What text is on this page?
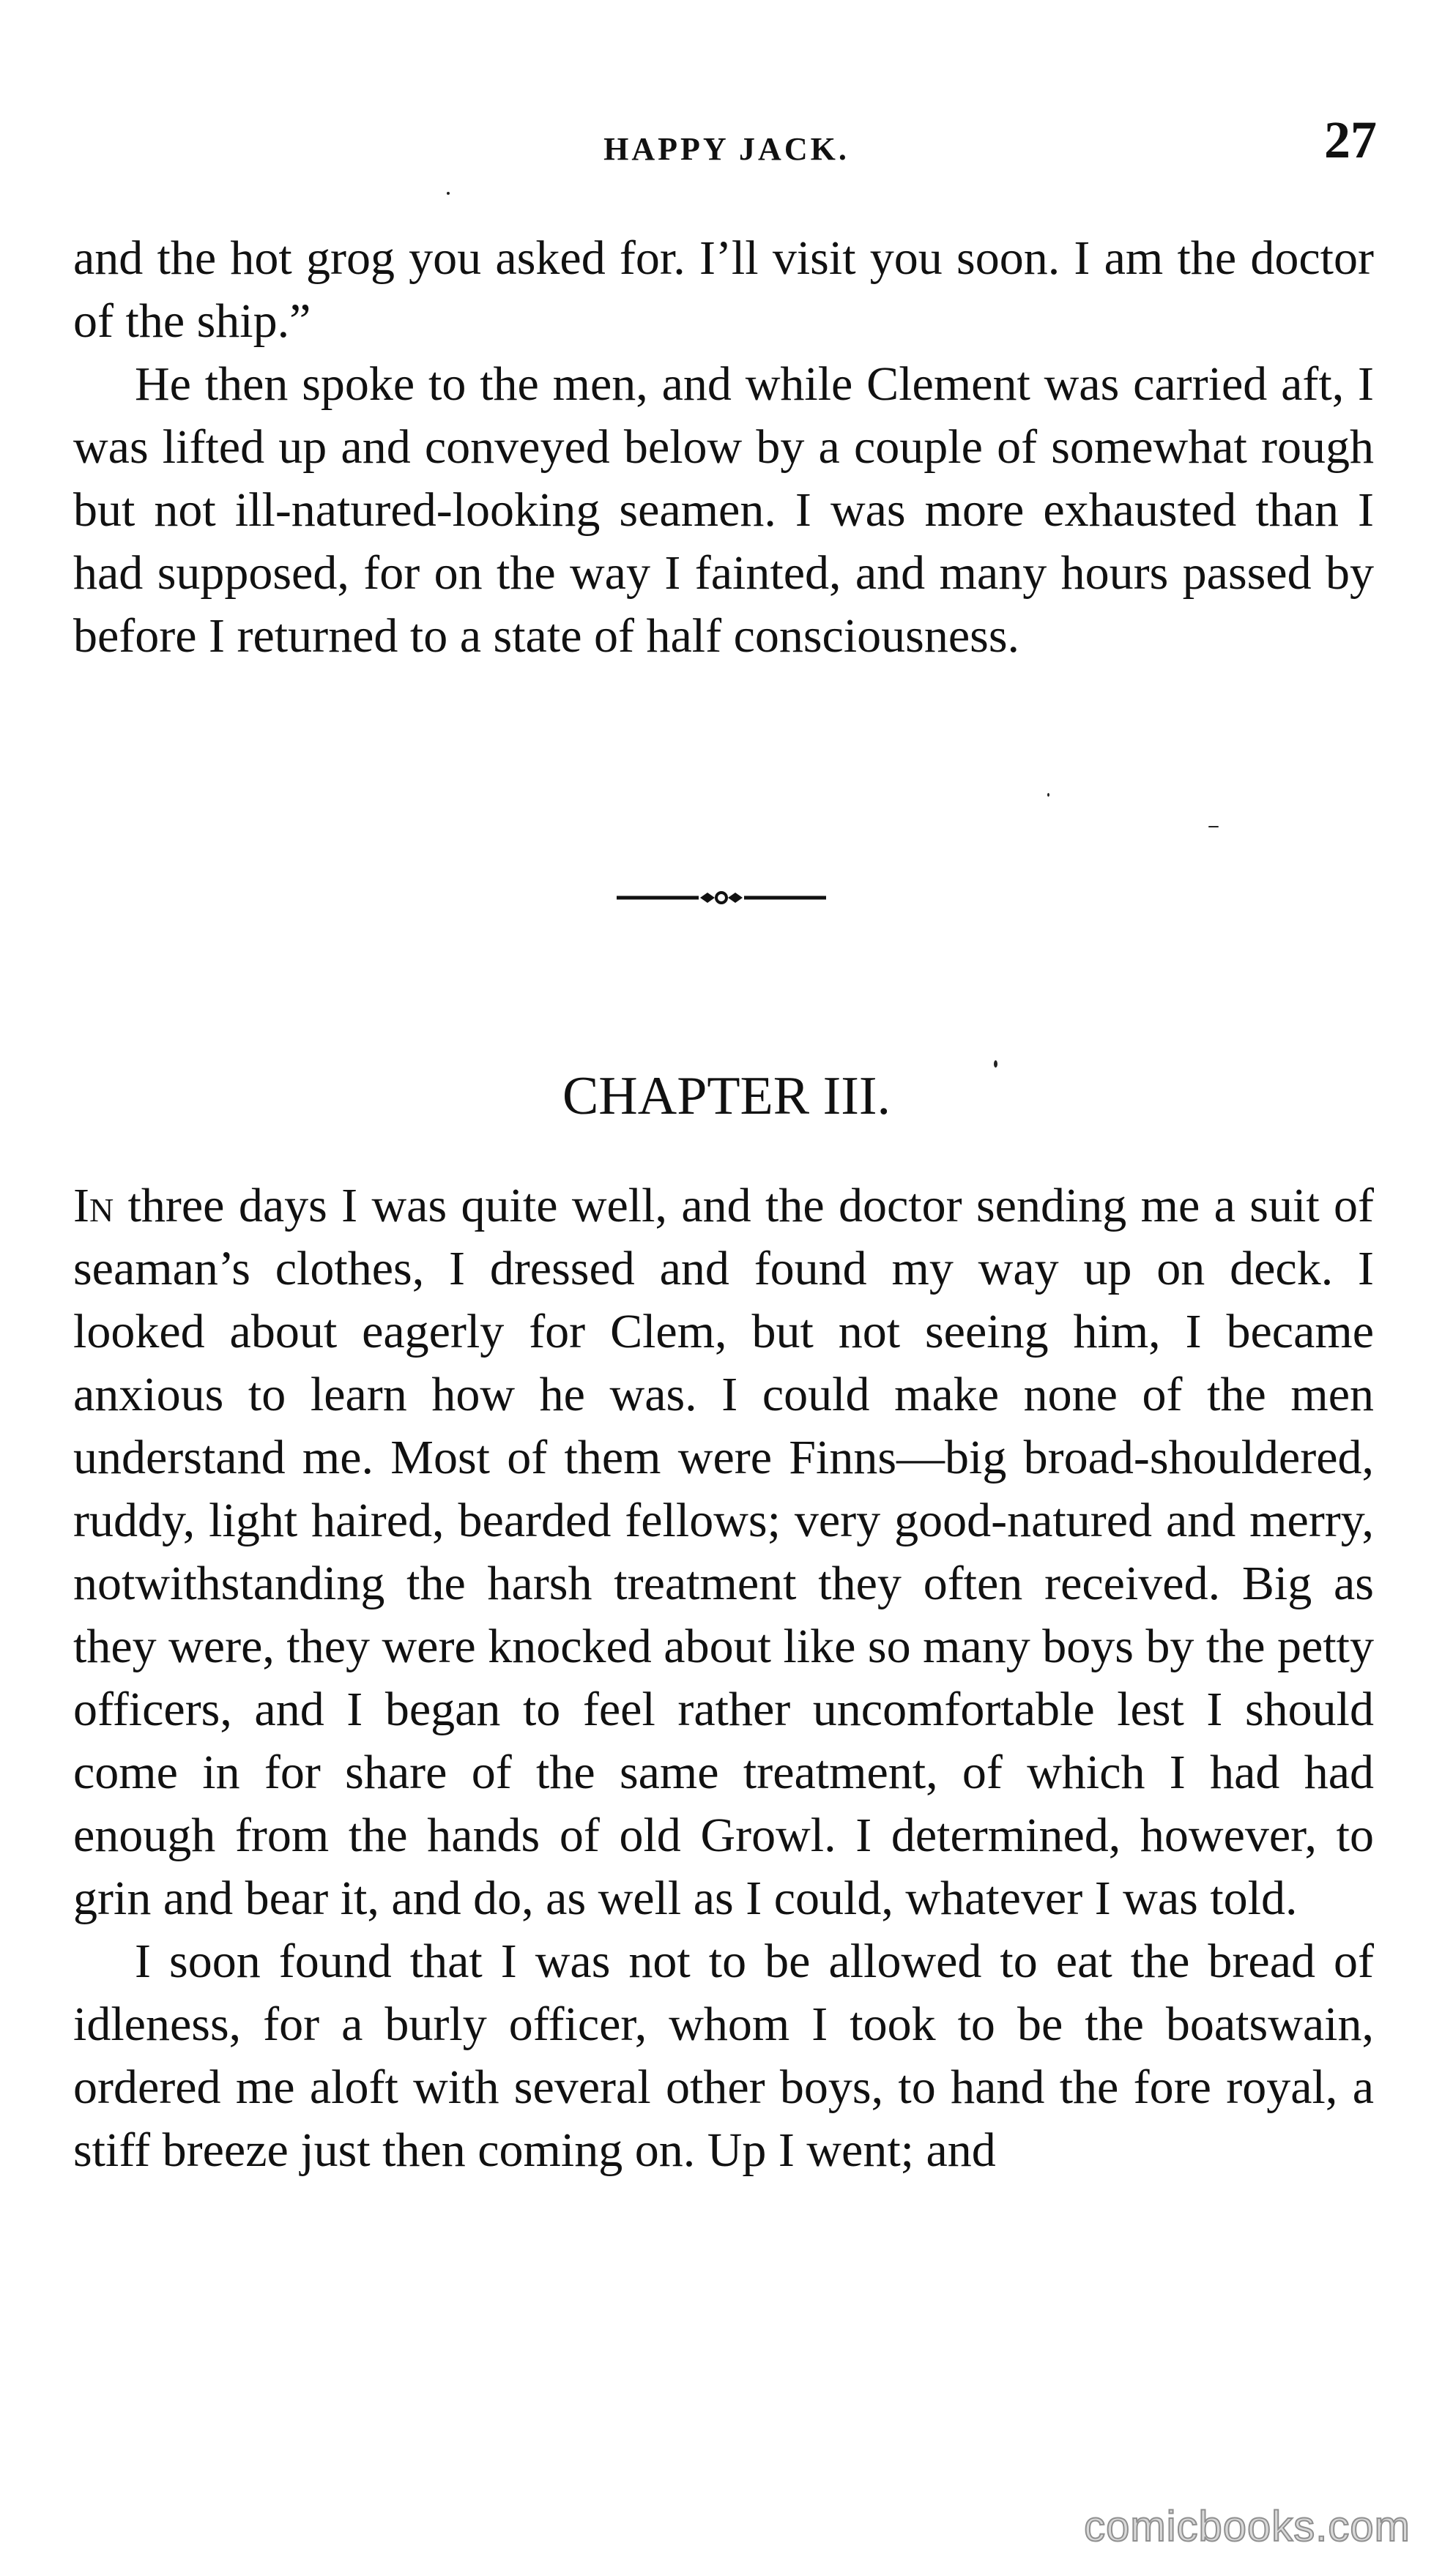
HAPPY JACK.	27

and the hot grog you asked for. I’ll visit you soon. I am the doctor of the ship.”

He then spoke to the men, and while Clement was carried aft, I was lifted up and conveyed below by a couple of somewhat rough but not ill-natured-looking seamen. I was more exhausted than I had supposed, for on the way I fainted, and many hours passed by before I returned to a state of half consciousness.

CHAPTER III.

In three days I was quite well, and the doctor sending me a suit of seaman’s clothes, I dressed and found my way up on deck. I looked about eagerly for Clem, but not seeing him, I became anxious to learn how he was. I could make none of the men understand me. Most of them were Finns—big broad-shouldered, ruddy, light haired, bearded fellows; very good-natured and merry, notwithstanding the harsh treatment they often received. Big as they were, they were knocked about like so many boys by the petty officers, and I began to feel rather uncomfortable lest I should come in for share of the same treatment, of which I had had enough from the hands of old Growl. I determined, however, to grin and bear it, and do, as well as I could, whatever I was told.

I soon found that I was not to be allowed to eat the bread of idleness, for a burly officer, whom I took to be the boatswain, ordered me aloft with several other boys, to hand the fore royal, a stiff breeze just then coming on. Up I went; and

comicbooks.com
